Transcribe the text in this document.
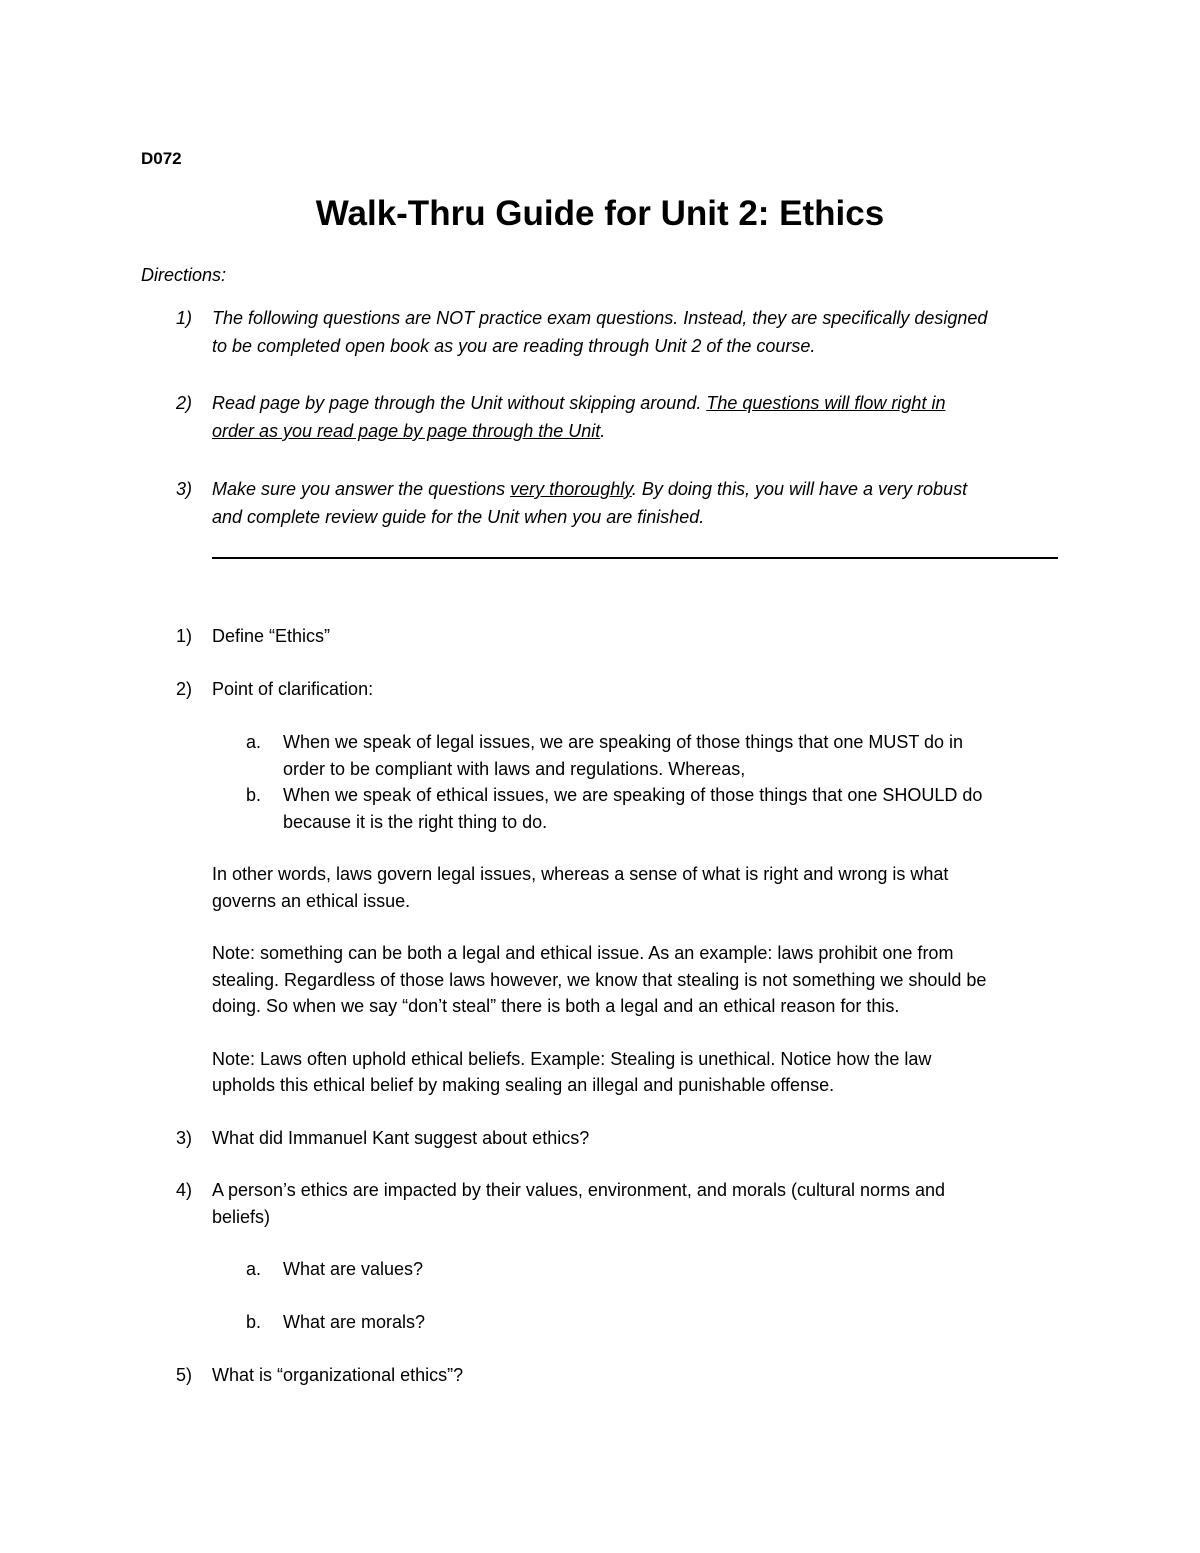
D072

Walk-Thru Guide for Unit 2: Ethics

Directions:

1)	The following questions are NOT practice exam questions. Instead, they are specifically designed

to be completed open book as you are reading through Unit 2 of the course.

2)	Read page by page through the Unit without skipping around. The questions will flow right in

order as you read page by page through the Unit.

3)	Make sure you answer the questions very thoroughly. By doing this, you will have a very robust

and complete review guide for the Unit when you are finished.

1)	Define “Ethics”

2)	Point of clarification:

a. When we speak of legal issues, we are speaking of those things that one MUST do in

order to be compliant with laws and regulations. Whereas,

b. When we speak of ethical issues, we are speaking of those things that one SHOULD do

because it is the right thing to do.

In other words, laws govern legal issues, whereas a sense of what is right and wrong is what

governs an ethical issue.

Note: something can be both a legal and ethical issue. As an example: laws prohibit one from

stealing. Regardless of those laws however, we know that stealing is not something we should be

doing. So when we say “don’t steal” there is both a legal and an ethical reason for this.

Note: Laws often uphold ethical beliefs. Example: Stealing is unethical. Notice how the law

upholds this ethical belief by making sealing an illegal and punishable offense.

3)	What did Immanuel Kant suggest about ethics?

4)	A person’s ethics are impacted by their values, environment, and morals (cultural norms and

beliefs)

a. What are values?

b. What are morals?

5)	What is “organizational ethics”?
